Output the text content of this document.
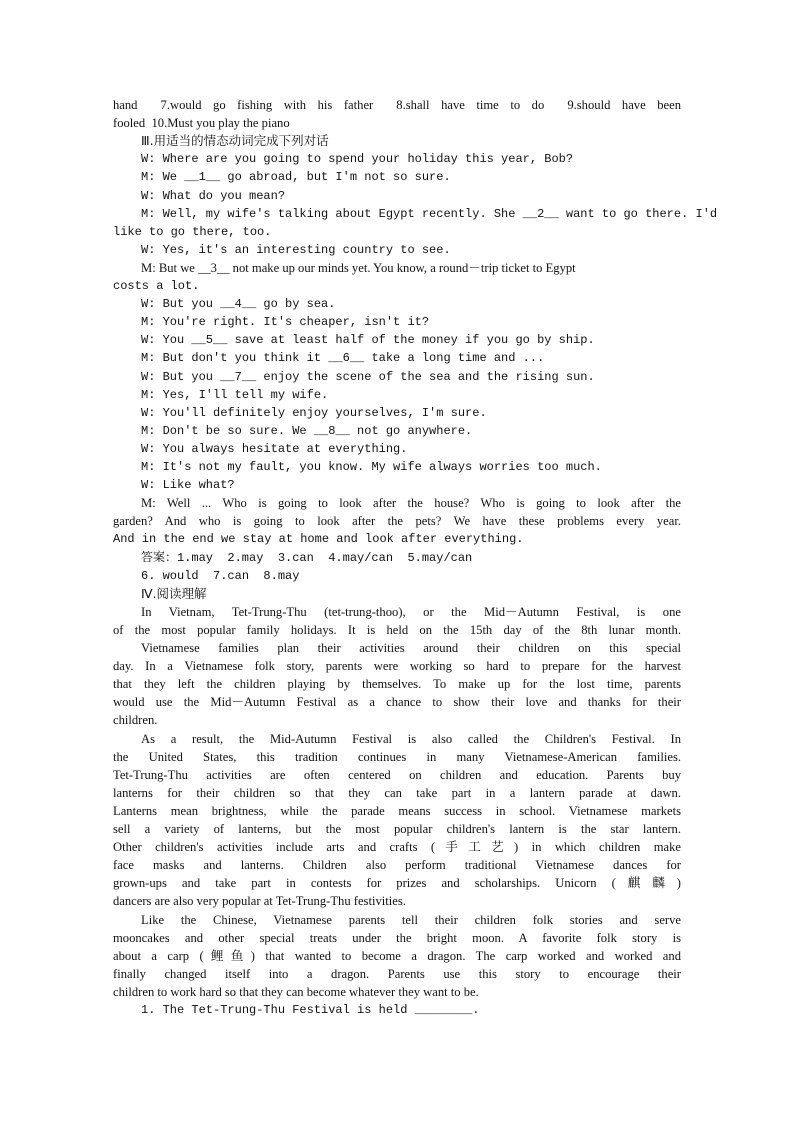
hand  7.would go fishing with his father  8.shall have time to do  9.should have been
fooled  10.Must you play the piano
Ⅲ.用适当的情态动词完成下列对话
W: Where are you going to spend your holiday this year, Bob?
M: We __1__ go abroad, but I'm not so sure.
W: What do you mean?
M: Well, my wife's talking about Egypt recently. She __2__ want to go there. I'd
like to go there, too.
W: Yes, it's an interesting country to see.
M: But we __3__ not make up our minds yet. You know, a round－trip ticket to Egypt
costs a lot.
W: But you __4__ go by sea.
M: You're right. It's cheaper, isn't it?
W: You __5__ save at least half of the money if you go by ship.
M: But don't you think it __6__ take a long time and ...
W: But you __7__ enjoy the scene of the sea and the rising sun.
M: Yes, I'll tell my wife.
W: You'll definitely enjoy yourselves, I'm sure.
M: Don't be so sure. We __8__ not go anywhere.
W: You always hesitate at everything.
M: It's not my fault, you know. My wife always worries too much.
W: Like what?
M: Well ... Who is going to look after the house? Who is going to look after the
garden? And who is going to look after the pets? We have these problems every year.
And in the end we stay at home and look after everything.
答案：1.may  2.may  3.can  4.may/can  5.may/can
6. would  7.can  8.may
Ⅳ.阅读理解
In Vietnam, Tet-Trung-Thu (tet-trung-thoo), or the Mid－Autumn Festival, is one
of the most popular family holidays. It is held on the 15th day of the 8th lunar month.
Vietnamese families plan their activities around their children on this special
day. In a Vietnamese folk story, parents were working so hard to prepare for the harvest
that they left the children playing by themselves. To make up for the lost time, parents
would use the Mid－Autumn Festival as a chance to show their love and thanks for their
children.
As a result, the Mid-Autumn Festival is also called the Children's Festival. In
the United States, this tradition continues in many Vietnamese-American families.
Tet-Trung-Thu activities are often centered on children and education. Parents buy
lanterns for their children so that they can take part in a lantern parade at dawn.
Lanterns mean brightness, while the parade means success in school. Vietnamese markets
sell a variety of lanterns, but the most popular children's lantern is the star lantern.
Other children's activities include arts and crafts (手工艺) in which children make
face masks and lanterns. Children also perform traditional Vietnamese dances for
grown-ups and take part in contests for prizes and scholarships. Unicorn (麒麟)
dancers are also very popular at Tet-Trung-Thu festivities.
Like the Chinese, Vietnamese parents tell their children folk stories and serve
mooncakes and other special treats under the bright moon. A favorite folk story is
about a carp (鲤鱼) that wanted to become a dragon. The carp worked and worked and
finally changed itself into a dragon. Parents use this story to encourage their
children to work hard so that they can become whatever they want to be.
1. The Tet-Trung-Thu Festival is held ________.
